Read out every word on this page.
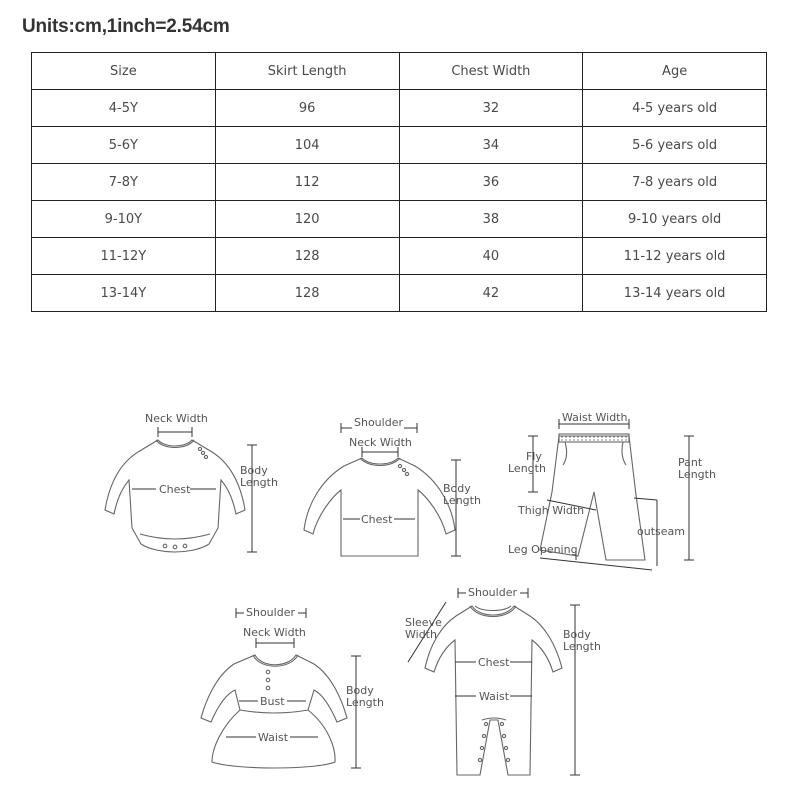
Units:cm,1inch=2.54cm
Size	Skirt Length	Chest Width	Age
4-5Y	96	32	4-5 years old
5-6Y	104	34	5-6 years old
7-8Y	112	36	7-8 years old
9-10Y	120	38	9-10 years old
11-12Y	128	40	11-12 years old
13-14Y	128	42	13-14 years old
Neck Width
Body
Length
Chest
Shoulder
Neck Width
Body
Length
Chest
Waist Width
Fly
Length	Pant
Length
Thigh Width
outseam
Leg Opening
Shoulder
Neck Width
Body
Length
Bust
Waist
Shoulder
Sleeve
Width	Body
Length
Chest
Waist
